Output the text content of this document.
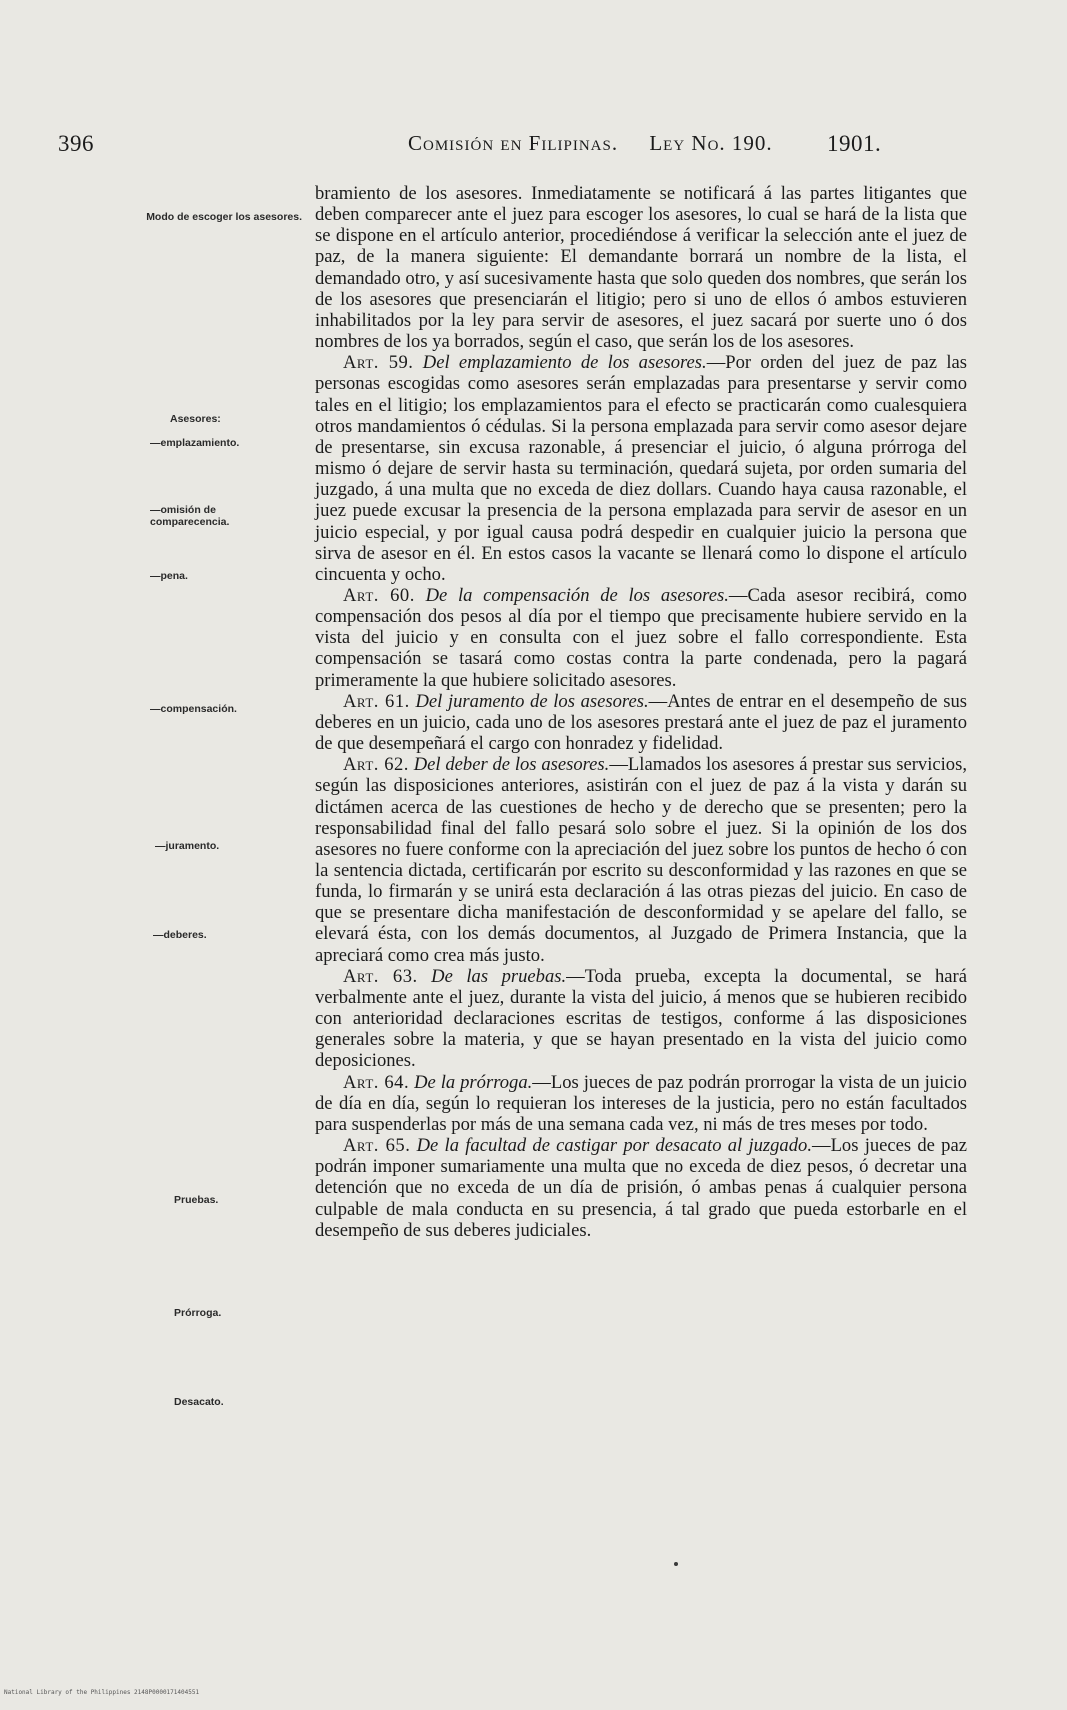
396	Comisión en Filipinas. Ley No. 190. 1901.
Modo de escoger los asesores.
Asesores:
—emplazamiento.
—omisión de comparecencia.
—pena.
—compensación.
—juramento.
—deberes.
Pruebas.
Prórroga.
Desacato.

bramiento de los asesores. Inmediatamente se notificará á las partes litigantes que deben comparecer ante el juez para escoger los asesores, lo cual se hará de la lista que se dispone en el artículo anterior, procediéndose á verificar la selección ante el juez de paz, de la manera siguiente: El demandante borrará un nombre de la lista, el demandado otro, y así sucesivamente hasta que solo queden dos nombres, que serán los de los asesores que presenciarán el litigio; pero si uno de ellos ó ambos estuvieren inhabilitados por la ley para servir de asesores, el juez sacará por suerte uno ó dos nombres de los ya borrados, según el caso, que serán los de los asesores.

Art. 59. Del emplazamiento de los asesores.—Por orden del juez de paz las personas escogidas como asesores serán emplazadas para presentarse y servir como tales en el litigio; los emplazamientos para el efecto se practicarán como cualesquiera otros mandamientos ó cédulas. Si la persona emplazada para servir como asesor dejare de presentarse, sin excusa razonable, á presenciar el juicio, ó alguna prórroga del mismo ó dejare de servir hasta su terminación, quedará sujeta, por orden sumaria del juzgado, á una multa que no exceda de diez dollars. Cuando haya causa razonable, el juez puede excusar la presencia de la persona emplazada para servir de asesor en un juicio especial, y por igual causa podrá despedir en cualquier juicio la persona que sirva de asesor en él. En estos casos la vacante se llenará como lo dispone el artículo cincuenta y ocho.

Art. 60. De la compensación de los asesores.—Cada asesor recibirá, como compensación dos pesos al día por el tiempo que precisamente hubiere servido en la vista del juicio y en consulta con el juez sobre el fallo correspondiente. Esta compensación se tasará como costas contra la parte condenada, pero la pagará primeramente la que hubiere solicitado asesores.

Art. 61. Del juramento de los asesores.—Antes de entrar en el desempeño de sus deberes en un juicio, cada uno de los asesores prestará ante el juez de paz el juramento de que desempeñará el cargo con honradez y fidelidad.

Art. 62. Del deber de los asesores.—Llamados los asesores á prestar sus servicios, según las disposiciones anteriores, asistirán con el juez de paz á la vista y darán su dictámen acerca de las cuestiones de hecho y de derecho que se presenten; pero la responsabilidad final del fallo pesará solo sobre el juez. Si la opinión de los dos asesores no fuere conforme con la apreciación del juez sobre los puntos de hecho ó con la sentencia dictada, certificarán por escrito su desconformidad y las razones en que se funda, lo firmarán y se unirá esta declaración á las otras piezas del juicio. En caso de que se presentare dicha manifestación de desconformidad y se apelare del fallo, se elevará ésta, con los demás documentos, al Juzgado de Primera Instancia, que la apreciará como crea más justo.

Art. 63. De las pruebas.—Toda prueba, excepta la documental, se hará verbalmente ante el juez, durante la vista del juicio, á menos que se hubieren recibido con anterioridad declaraciones escritas de testigos, conforme á las disposiciones generales sobre la materia, y que se hayan presentado en la vista del juicio como deposiciones.

Art. 64. De la prórroga.—Los jueces de paz podrán prorrogar la vista de un juicio de día en día, según lo requieran los intereses de la justicia, pero no están facultados para suspenderlas por más de una semana cada vez, ni más de tres meses por todo.

Art. 65. De la facultad de castigar por desacato al juzgado.—Los jueces de paz podrán imponer sumariamente una multa que no exceda de diez pesos, ó decretar una detención que no exceda de un día de prisión, ó ambas penas á cualquier persona culpable de mala conducta en su presencia, á tal grado que pueda estorbarle en el desempeño de sus deberes judiciales.

National Library of the Philippines 2148P0000171404551
